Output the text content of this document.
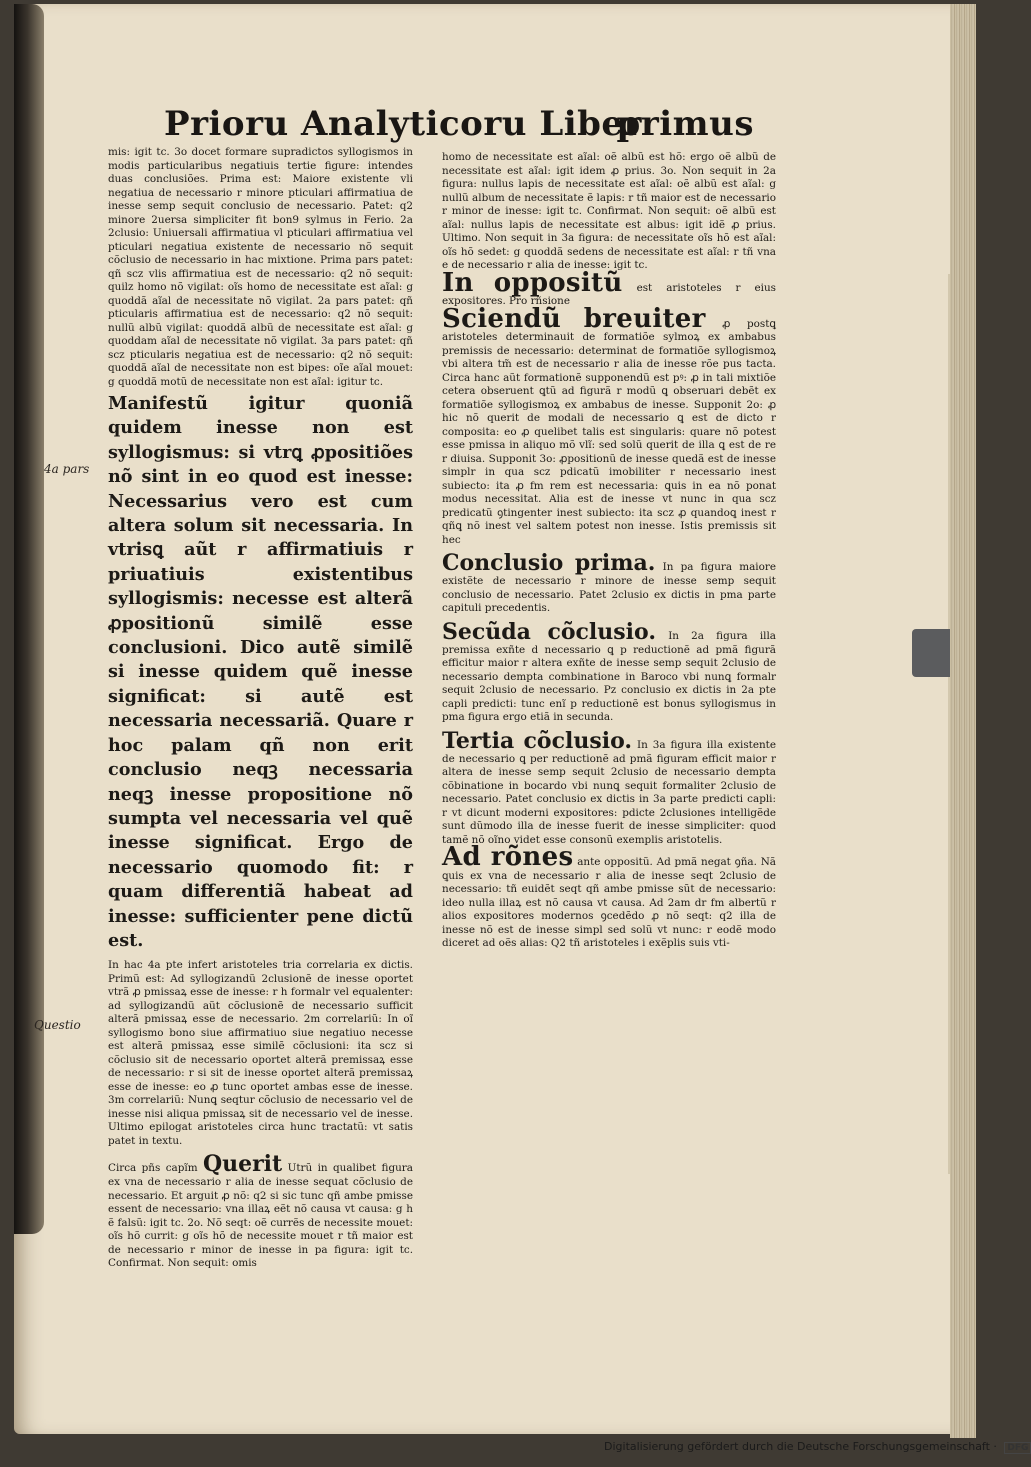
Prioru Analyticoru Liber
primus
4a pars
Questio

mis: igit tc. 3o docet formare supradictos syllogismos in modis particularibus negatiuis tertie figure: intendes duas conclusiões. Prima est: Maiore existente vli negatiua de necessario r minore pticulari affirmatiua de inesse semp sequit conclusio de necessario. Patet: q2 minore 2uersa simpliciter fit bon9 sylmus in Ferio. 2a 2clusio: Uniuersali affirmatiua vl pticulari affirmatiua vel pticulari negatiua existente de necessario nõ sequit cõclusio de necessario in hac mixtione. Prima pars patet: qñ scz vlis affirmatiua est de necessario: q2 nõ sequit: quilz homo nõ vigilat: oĩs homo de necessitate est aĩal: g quoddã aĩal de necessitate nõ vigilat. 2a pars patet: qñ pticularis affirmatiua est de necessario: q2 nõ sequit: nullũ albũ vigilat: quoddã albũ de necessitate est aĩal: g quoddam aĩal de necessitate nõ vigilat. 3a pars patet: qñ scz pticularis negatiua est de necessario: q2 nõ sequit: quoddã aĩal de necessitate non est bipes: oĩe aĩal mouet: g quoddã motũ de necessitate non est aĩal: igitur tc.

Manifestũ igitur quoniã quidem inesse non est syllogismus: si vtrꝗ ꝓpositiões nõ sint in eo quod est inesse: Necessarius vero est cum altera solum sit necessaria. In vtrisꝗ aũt r affirmatiuis r priuatiuis existentibus syllogismis: necesse est alterã ꝓpositionũ similẽ esse conclusioni. Dico autẽ similẽ si inesse quidem quẽ inesse significat: si autẽ est necessaria necessariã. Quare r hoc palam qñ non erit conclusio neqꝫ necessaria neqꝫ inesse propositione nõ sumpta vel necessaria vel quẽ inesse significat. Ergo de necessario quomodo fit: r quam differentiã habeat ad inesse: sufficienter pene dictũ est.

In hac 4a pte infert aristoteles tria correlaria ex dictis. Primũ est: Ad syllogizandũ 2clusionẽ de inesse oportet vtrã ꝓ pmissaꝝ esse de inesse: r h formalr vel equalenter: ad syllogizandũ aũt cõclusionẽ de necessario sufficit alterã pmissaꝝ esse de necessario. 2m correlariũ: In oĩ syllogismo bono siue affirmatiuo siue negatiuo necesse est alterã pmissaꝝ esse similẽ cõclusioni: ita scz si cõclusio sit de necessario oportet alterã premissaꝝ esse de necessario: r si sit de inesse oportet alterã premissaꝝ esse de inesse: eo ꝓ tunc oportet ambas esse de inesse. 3m correlariũ: Nunꝗ seqtur cõclusio de necessario vel de inesse nisi aliqua pmissaꝝ sit de necessario vel de inesse. Ultimo epilogat aristoteles circa hunc tractatũ: vt satis patet in textu.

Circa pñs capĩm Querit Utrũ in qualibet figura ex vna de necessario r alia de inesse sequat cõclusio de necessario. Et arguit ꝓ nõ: q2 si sic tunc qñ ambe pmisse essent de necessario: vna illaꝝ eẽt nõ causa vt causa: g h ẽ falsũ: igit tc. 2o. Nõ seqt: oẽ currẽs de necessite mouet: oĩs hõ currit: g oĩs hõ de necessite mouet r tñ maior est de necessario r minor de inesse in pa figura: igit tc. Confirmat. Non sequit: omis

homo de necessitate est aĩal: oẽ albũ est hõ: ergo oẽ albũ de necessitate est aĩal: igit idem ꝓ prius. 3o. Non sequit in 2a figura: nullus lapis de necessitate est aĩal: oẽ albũ est aĩal: g nullũ album de necessitate ẽ lapis: r tñ maior est de necessario r minor de inesse: igit tc. Confirmat. Non sequit: oẽ albũ est aĩal: nullus lapis de necessitate est albus: igit idẽ ꝓ prius. Ultimo. Non sequit in 3a figura: de necessitate oĩs hõ est aĩal: oĩs hõ sedet: g quoddã sedens de necessitate est aĩal: r tñ vna e de necessario r alia de inesse: igit tc.

In oppositũ est aristoteles r eius expositores. Pro rñsione

Sciendũ breuiter ꝓ postꝗ aristoteles determinauit de formatiõe sylmoꝝ ex ambabus premissis de necessario: determinat de formatiõe syllogismoꝝ vbi altera tm̃ est de necessario r alia de inesse rõe pus tacta. Circa hanc aũt formationẽ supponendũ est pꝰ: ꝓ in tali mixtiõe cetera obseruent ꝗtũ ad figurã r modũ ꝗ obseruari debẽt ex formatiõe syllogismoꝝ ex ambabus de inesse. Supponit 2o: ꝓ hic nõ querit de modali de necessario ꝗ est de dicto r composita: eo ꝓ quelibet talis est singularis: quare nõ potest esse pmissa in aliquo mõ vlĩ: sed solũ querit de illa ꝗ est de re r diuisa. Supponit 3o: ꝓpositionũ de inesse quedã est de inesse simplr in qua scz pdicatũ imobiliter r necessario inest subiecto: ita ꝓ fm rem est necessaria: ꝗuis in ea nõ ponat modus necessitat. Alia est de inesse vt nunc in qua scz predicatũ ꝯtingenter inest subiecto: ita scz ꝓ quandoꝗ inest r qñꝗ nõ inest vel saltem potest non inesse. Istis premissis sit hec

Conclusio prima. In pa figura maiore existẽte de necessario r minore de inesse semp sequit conclusio de necessario. Patet 2clusio ex dictis in pma parte capituli precedentis.

Secũda cõclusio. In 2a figura illa premissa exñte d necessario ꝗ p reductionẽ ad pmã figurã efficitur maior r altera exñte de inesse semp sequit 2clusio de necessario dempta combinatione in Baroco vbi nunꝗ formalr sequit 2clusio de necessario. Pz conclusio ex dictis in 2a pte capli predicti: tunc enĩ p reductionẽ est bonus syllogismus in pma figura ergo etiã in secunda.

Tertia cõclusio. In 3a figura illa existente de necessario ꝗ per reductionẽ ad pmã figuram efficit maior r altera de inesse semp sequit 2clusio de necessario dempta cõbinatione in bocardo vbi nunꝗ sequit formaliter 2clusio de necessario. Patet conclusio ex dictis in 3a parte predicti capli: r vt dicunt moderni expositores: pdicte 2clusiones intelligẽde sunt dũmodo illa de inesse fuerit de inesse simpliciter: quod tamẽ nõ oĩno videt esse consonũ exemplis aristotelis.

Ad rõnes ante oppositũ. Ad pmã negat ꝯña. Nã ꝗuis ex vna de necessario r alia de inesse seqt 2clusio de necessario: tñ euidẽt seqt qñ ambe pmisse sũt de necessario: ideo nulla illaꝝ est nõ causa vt causa. Ad 2am dr fm albertũ r alios expositores modernos ꝯcedẽdo ꝓ nõ seqt: q2 illa de inesse nõ est de inesse simpl sed solũ vt nunc: r eodẽ modo diceret ad oẽs alias: Q2 tñ aristoteles i exẽplis suis vti-

Digitalisierung gefördert durch die Deutsche Forschungsgemeinschaft · DFG
